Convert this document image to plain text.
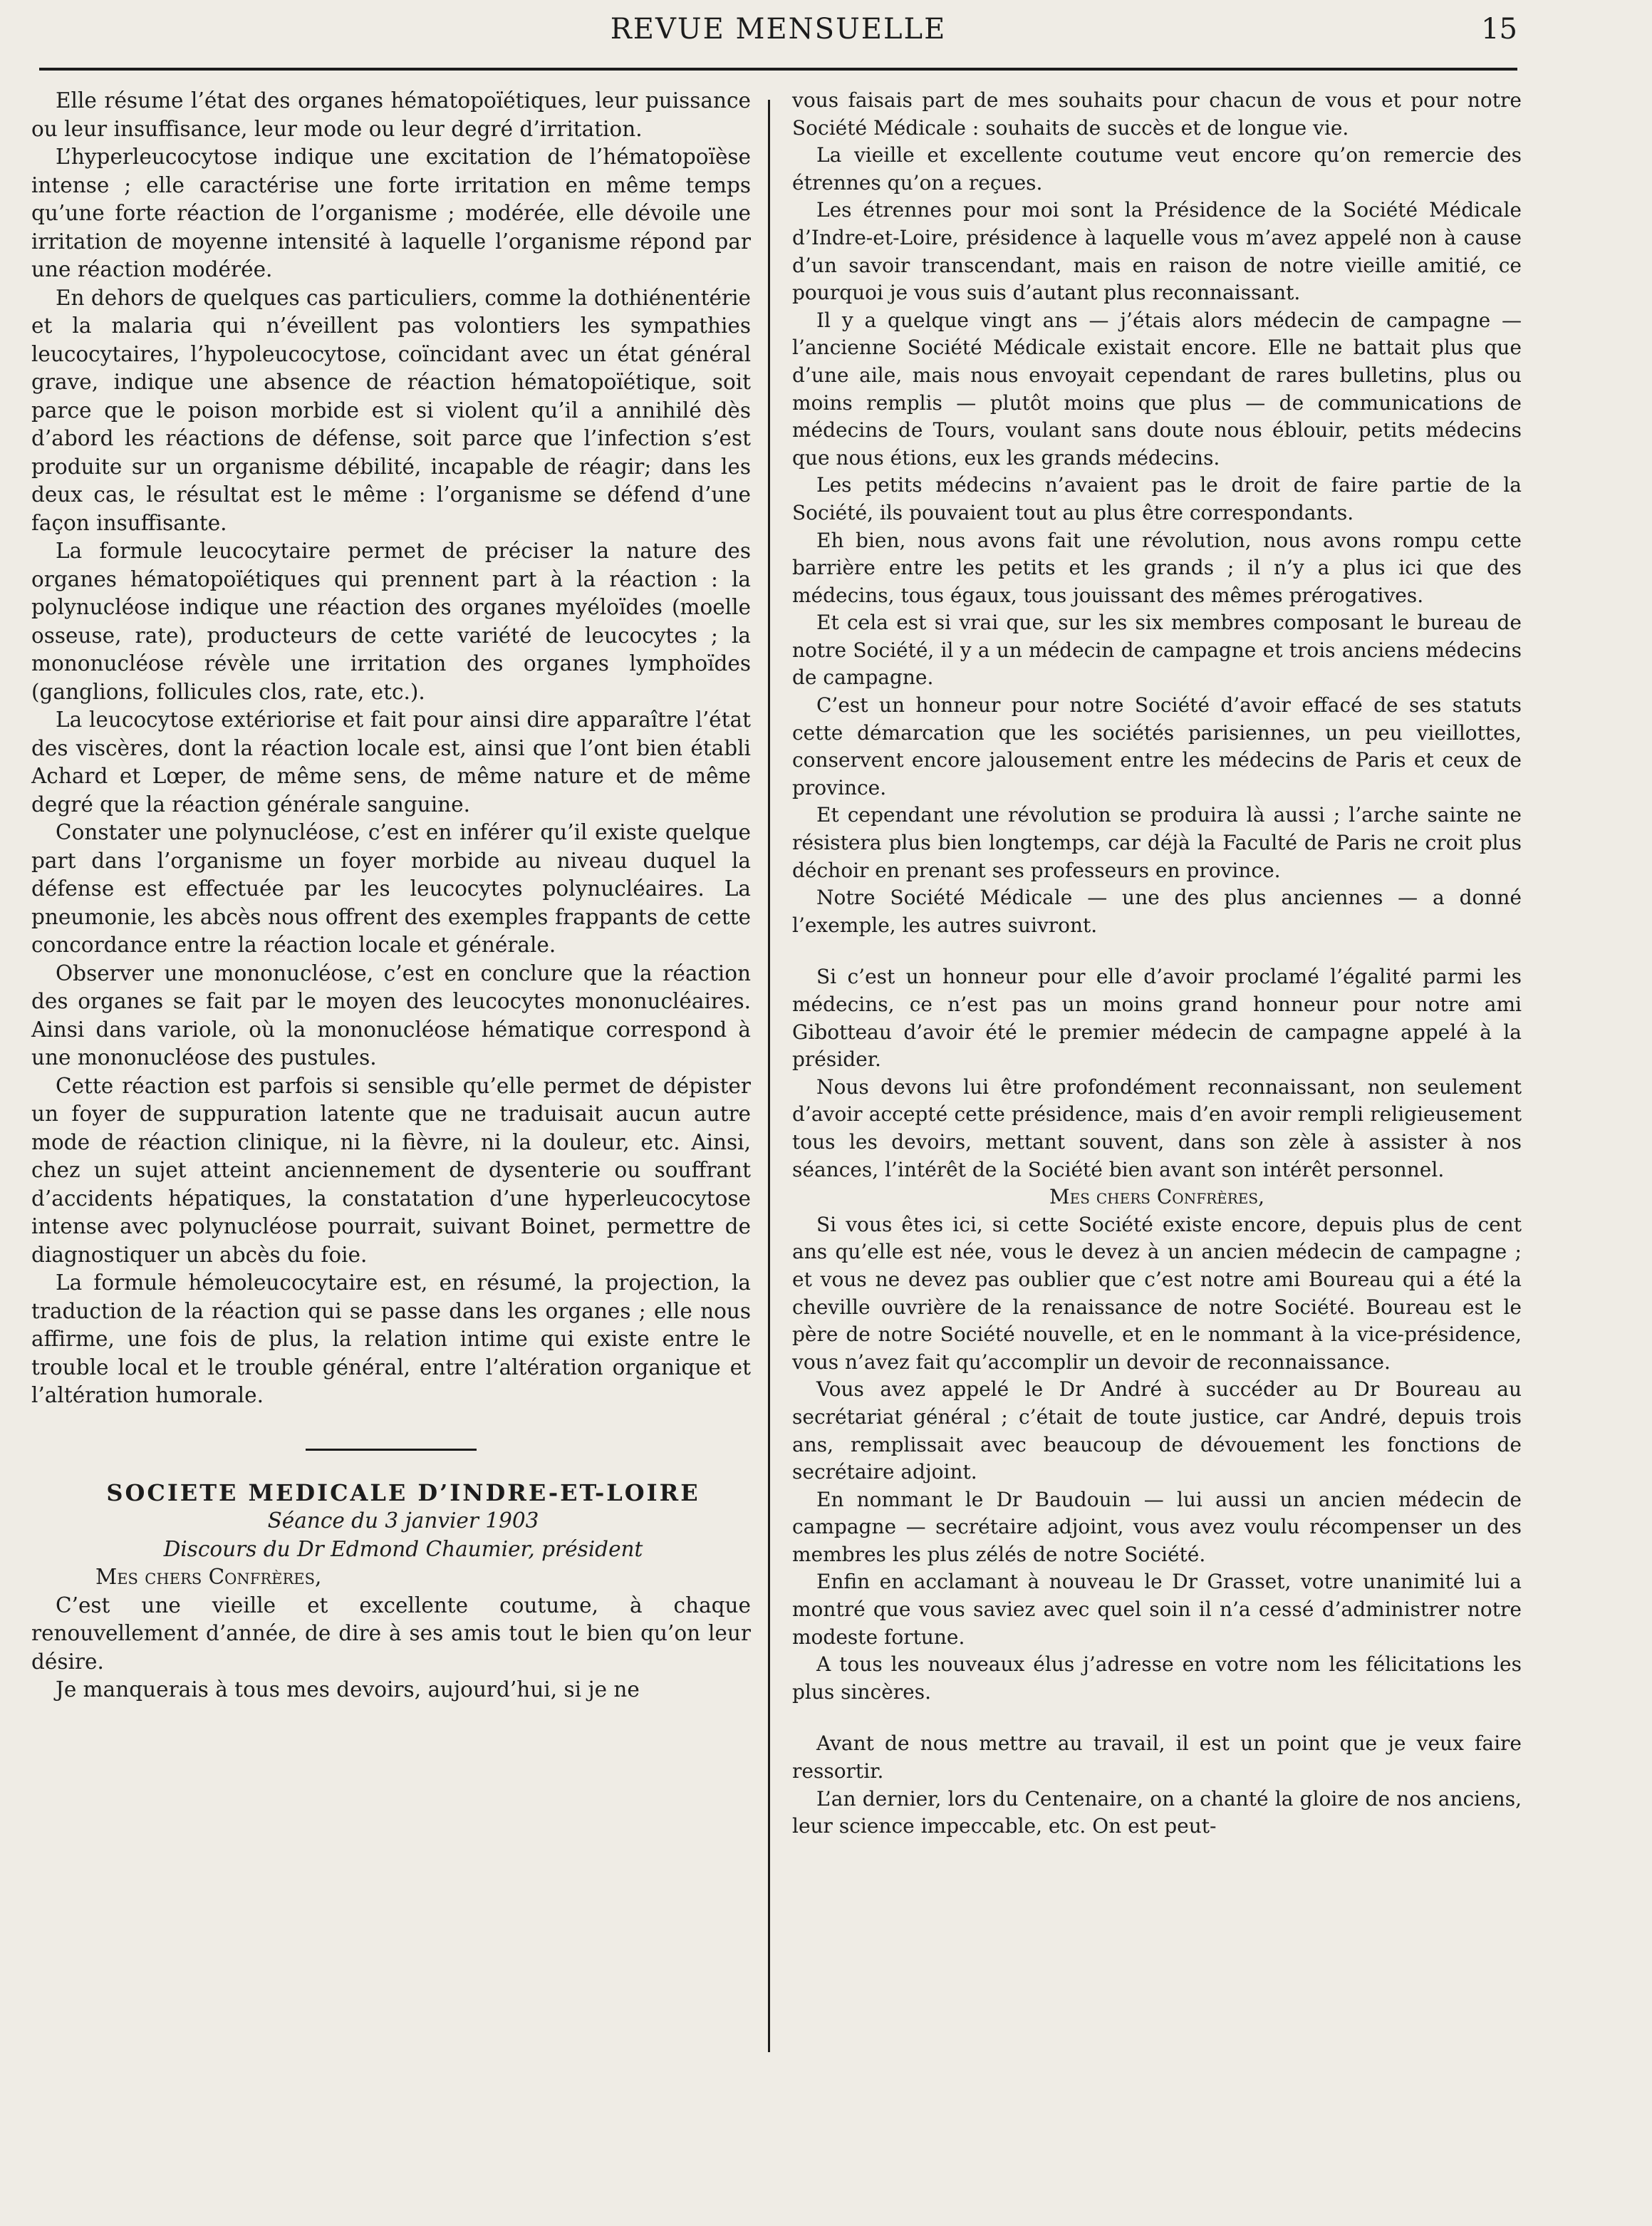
REVUE MENSUELLE	15

Elle résume l’état des organes hématopoïétiques, leur puissance ou leur insuffisance, leur mode ou leur degré d’irritation.

L’hyperleucocytose indique une excitation de l’hématopoïèse intense ; elle caractérise une forte irritation en même temps qu’une forte réaction de l’organisme ; modérée, elle dévoile une irritation de moyenne intensité à laquelle l’organisme répond par une réaction modérée.

En dehors de quelques cas particuliers, comme la dothiénentérie et la malaria qui n’éveillent pas volontiers les sympathies leucocytaires, l’hypoleucocytose, coïncidant avec un état général grave, indique une absence de réaction hématopoïétique, soit parce que le poison morbide est si violent qu’il a annihilé dès d’abord les réactions de défense, soit parce que l’infection s’est produite sur un organisme débilité, incapable de réagir; dans les deux cas, le résultat est le même : l’organisme se défend d’une façon insuffisante.

La formule leucocytaire permet de préciser la nature des organes hématopoïétiques qui prennent part à la réaction : la polynucléose indique une réaction des organes myéloïdes (moelle osseuse, rate), producteurs de cette variété de leucocytes ; la mononucléose révèle une irritation des organes lymphoïdes (ganglions, follicules clos, rate, etc.).

La leucocytose extériorise et fait pour ainsi dire apparaître l’état des viscères, dont la réaction locale est, ainsi que l’ont bien établi Achard et Lœper, de même sens, de même nature et de même degré que la réaction générale sanguine.

Constater une polynucléose, c’est en inférer qu’il existe quelque part dans l’organisme un foyer morbide au niveau duquel la défense est effectuée par les leucocytes polynucléaires. La pneumonie, les abcès nous offrent des exemples frappants de cette concordance entre la réaction locale et générale.

Observer une mononucléose, c’est en conclure que la réaction des organes se fait par le moyen des leucocytes mononucléaires. Ainsi dans variole, où la mononucléose hématique correspond à une mononucléose des pustules.

Cette réaction est parfois si sensible qu’elle permet de dépister un foyer de suppuration latente que ne traduisait aucun autre mode de réaction clinique, ni la fièvre, ni la douleur, etc. Ainsi, chez un sujet atteint anciennement de dysenterie ou souffrant d’accidents hépatiques, la constatation d’une hyperleucocytose intense avec polynucléose pourrait, suivant Boinet, permettre de diagnostiquer un abcès du foie.

La formule hémoleucocytaire est, en résumé, la projection, la traduction de la réaction qui se passe dans les organes ; elle nous affirme, une fois de plus, la relation intime qui existe entre le trouble local et le trouble général, entre l’altération organique et l’altération humorale.

SOCIETE MEDICALE D’INDRE-ET-LOIRE

Séance du 3 janvier 1903

Discours du Dr Edmond Chaumier, président

Mes chers Confrères,

C’est une vieille et excellente coutume, à chaque renouvellement d’année, de dire à ses amis tout le bien qu’on leur désire.

Je manquerais à tous mes devoirs, aujourd’hui, si je ne

vous faisais part de mes souhaits pour chacun de vous et pour notre Société Médicale : souhaits de succès et de longue vie.

La vieille et excellente coutume veut encore qu’on remercie des étrennes qu’on a reçues.

Les étrennes pour moi sont la Présidence de la Société Médicale d’Indre-et-Loire, présidence à laquelle vous m’avez appelé non à cause d’un savoir transcendant, mais en raison de notre vieille amitié, ce pourquoi je vous suis d’autant plus reconnaissant.

Il y a quelque vingt ans — j’étais alors médecin de campagne — l’ancienne Société Médicale existait encore. Elle ne battait plus que d’une aile, mais nous envoyait cependant de rares bulletins, plus ou moins remplis — plutôt moins que plus — de communications de médecins de Tours, voulant sans doute nous éblouir, petits médecins que nous étions, eux les grands médecins.

Les petits médecins n’avaient pas le droit de faire partie de la Société, ils pouvaient tout au plus être correspondants.

Eh bien, nous avons fait une révolution, nous avons rompu cette barrière entre les petits et les grands ; il n’y a plus ici que des médecins, tous égaux, tous jouissant des mêmes prérogatives.

Et cela est si vrai que, sur les six membres composant le bureau de notre Société, il y a un médecin de campagne et trois anciens médecins de campagne.

C’est un honneur pour notre Société d’avoir effacé de ses statuts cette démarcation que les sociétés parisiennes, un peu vieillottes, conservent encore jalousement entre les médecins de Paris et ceux de province.

Et cependant une révolution se produira là aussi ; l’arche sainte ne résistera plus bien longtemps, car déjà la Faculté de Paris ne croit plus déchoir en prenant ses professeurs en province.

Notre Société Médicale — une des plus anciennes — a donné l’exemple, les autres suivront.

Si c’est un honneur pour elle d’avoir proclamé l’égalité parmi les médecins, ce n’est pas un moins grand honneur pour notre ami Gibotteau d’avoir été le premier médecin de campagne appelé à la présider.

Nous devons lui être profondément reconnaissant, non seulement d’avoir accepté cette présidence, mais d’en avoir rempli religieusement tous les devoirs, mettant souvent, dans son zèle à assister à nos séances, l’intérêt de la Société bien avant son intérêt personnel.

Mes chers Confrères,

Si vous êtes ici, si cette Société existe encore, depuis plus de cent ans qu’elle est née, vous le devez à un ancien médecin de campagne ; et vous ne devez pas oublier que c’est notre ami Boureau qui a été la cheville ouvrière de la renaissance de notre Société. Boureau est le père de notre Société nouvelle, et en le nommant à la vice-présidence, vous n’avez fait qu’accomplir un devoir de reconnaissance.

Vous avez appelé le Dr André à succéder au Dr Boureau au secrétariat général ; c’était de toute justice, car André, depuis trois ans, remplissait avec beaucoup de dévouement les fonctions de secrétaire adjoint.

En nommant le Dr Baudouin — lui aussi un ancien médecin de campagne — secrétaire adjoint, vous avez voulu récompenser un des membres les plus zélés de notre Société.

Enfin en acclamant à nouveau le Dr Grasset, votre unanimité lui a montré que vous saviez avec quel soin il n’a cessé d’administrer notre modeste fortune.

A tous les nouveaux élus j’adresse en votre nom les félicitations les plus sincères.

Avant de nous mettre au travail, il est un point que je veux faire ressortir.

L’an dernier, lors du Centenaire, on a chanté la gloire de nos anciens, leur science impeccable, etc. On est peut-
